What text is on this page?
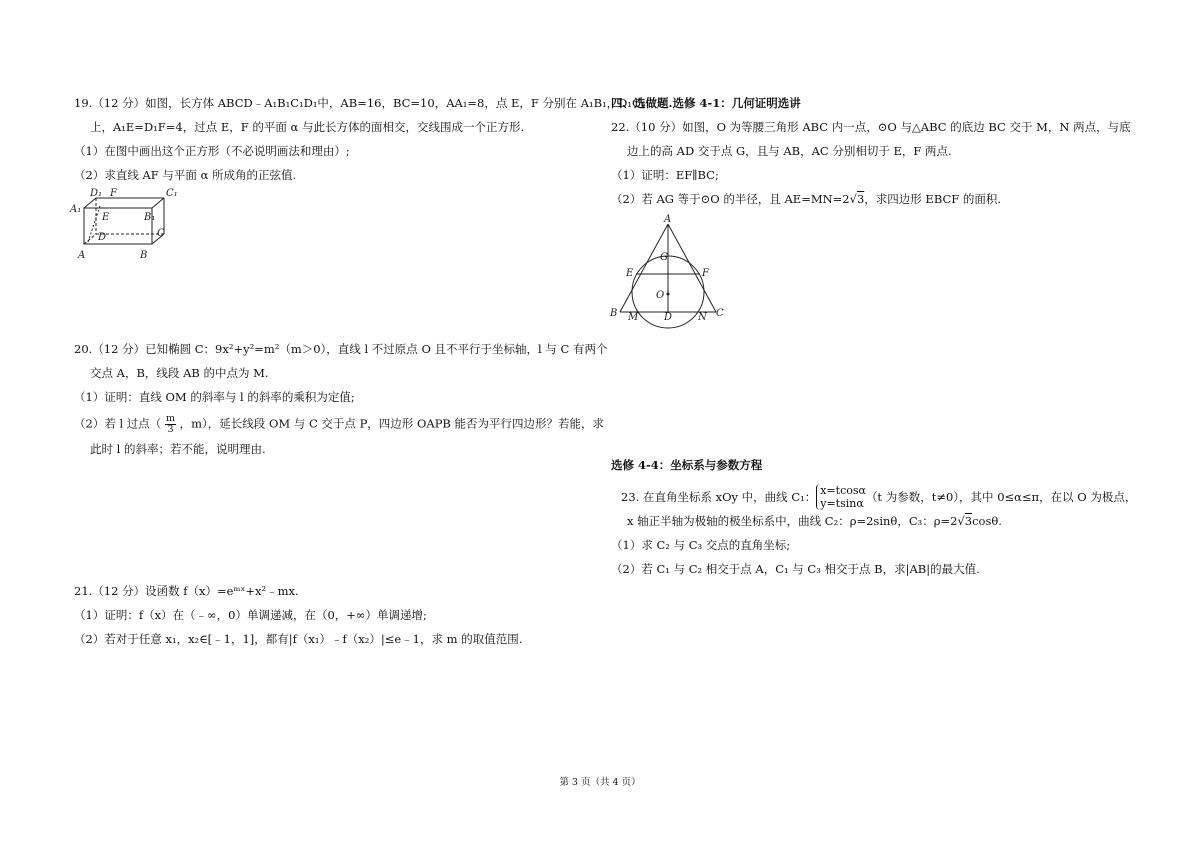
19.（12 分）如图，长方体 ABCD﹣A₁B₁C₁D₁中，AB=16，BC=10，AA₁=8，点 E，F 分别在 A₁B₁，D₁C₁
上，A₁E=D₁F=4，过点 E，F 的平面 α 与此长方体的面相交，交线围成一个正方形.
（1）在图中画出这个正方形（不必说明画法和理由）;
（2）求直线 AF 与平面 α 所成角的正弦值.
D₁ F	C₁
A₁
E	B₁
D	C
A	B
20.（12 分）已知椭圆 C：9x²+y²=m²（m＞0），直线 l 不过原点 O 且不平行于坐标轴，l 与 C 有两个
交点 A，B，线段 AB 的中点为 M.
（1）证明：直线 OM 的斜率与 l 的斜率的乘积为定值;
（2）若 l 过点（ $\frac{m}{3}$ ，m），延长线段 OM 与 C 交于点 P，四边形 OAPB 能否为平行四边形？若能，求
此时 l 的斜率；若不能，说明理由.
21.（12 分）设函数 f（x）=eᵐˣ+x²﹣mx.
（1）证明：f（x）在（﹣∞，0）单调递减，在（0，+∞）单调递增;
（2）若对于任意 x₁，x₂∈[﹣1，1]，都有|f（x₁）﹣f（x₂）|≤e﹣1，求 m 的取值范围.
四、选做题.选修 4-1：几何证明选讲
22.（10 分）如图，O 为等腰三角形 ABC 内一点，⊙O 与△ABC 的底边 BC 交于 M，N 两点，与底
边上的高 AD 交于点 G，且与 AB，AC 分别相切于 E，F 两点.
（1）证明：EF∥BC;
（2）若 AG 等于⊙O 的半径，且 AE=MN=2√3，求四边形 EBCF 的面积.
A
G
E	F
O
B M	D	N C
选修 4-4：坐标系与参数方程
23. 在直角坐标系 xOy 中，曲线 C₁： x=tcosα
y=tsinα （t 为参数，t≠0），其中 0≤α≤π，在以 O 为极点，
x 轴正半轴为极轴的极坐标系中，曲线 C₂：ρ=2sinθ，C₃：ρ=2√3cosθ.
（1）求 C₂ 与 C₃ 交点的直角坐标;
（2）若 C₁ 与 C₂ 相交于点 A，C₁ 与 C₃ 相交于点 B，求|AB|的最大值.
第 3 页（共 4 页）
